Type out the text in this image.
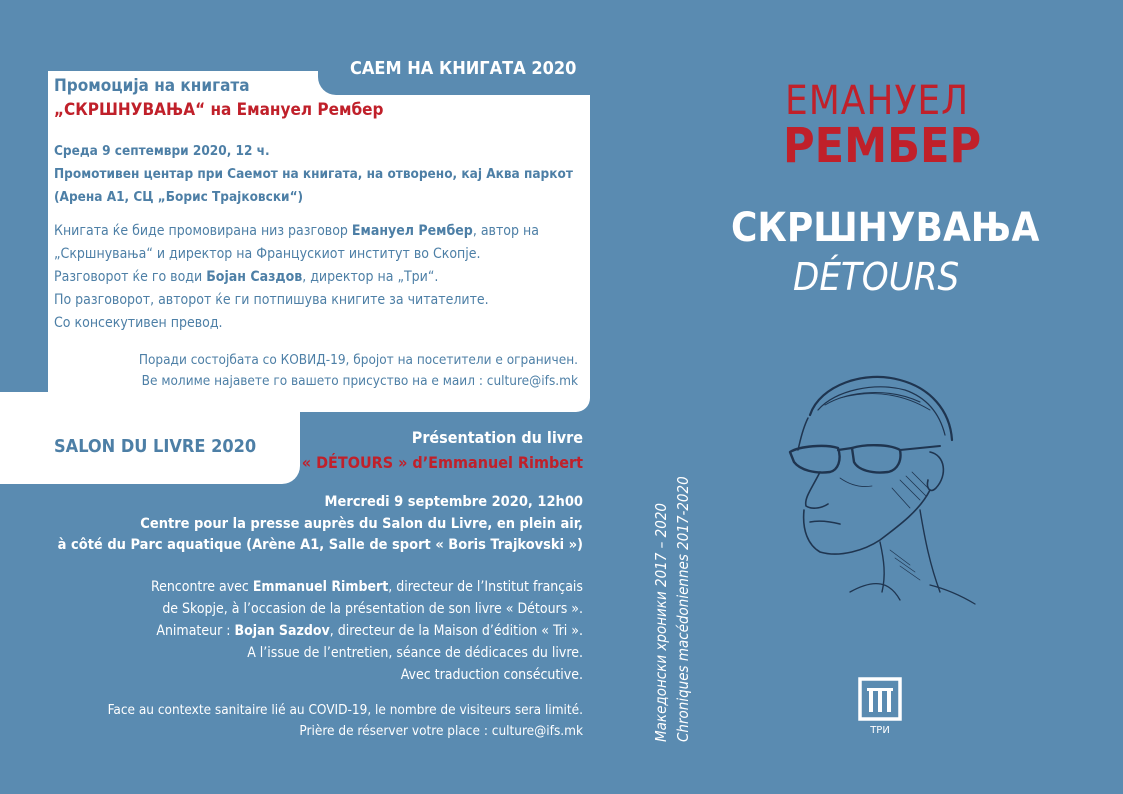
САЕМ НА КНИГАТА 2020
Промоција на книгата
„СКРШНУВАЊА“ на Емануел Рембер
Среда 9 септември 2020, 12 ч.
Промотивен центар при Саемот на книгата, на отворено, кај Аква паркот
(Арена А1, СЦ „Борис Трајковски“)
Книгата ќе биде промовирана низ разговор Емануел Рембер, автор на
„Скршнувања“ и директор на Францускиот институт во Скопје.
Разговорот ќе го води Бојан Саздов, директор на „Три“.
По разговорот, авторот ќе ги потпишува книгите за читателите.
Со консекутивен превод.
Поради состојбата со КОВИД-19, бројот на посетители е ограничен.
Ве молиме најавете го вашето присуство на е маил : culture@ifs.mk
SALON DU LIVRE 2020	Présentation du livre
« DÉTOURS » d’Emmanuel Rimbert
Mercredi 9 septembre 2020, 12h00
Centre pour la presse auprès du Salon du Livre, en plein air,
à côté du Parc aquatique (Arène A1, Salle de sport « Boris Trajkovski »)
Rencontre avec Emmanuel Rimbert, directeur de l’Institut français
de Skopje, à l’occasion de la présentation de son livre « Détours ».
Animateur : Bojan Sazdov, directeur de la Maison d’édition « Tri ».
A l’issue de l’entretien, séance de dédicaces du livre.
Avec traduction consécutive.
Face au contexte sanitaire lié au COVID-19, le nombre de visiteurs sera limité.
Prière de réserver votre place : culture@ifs.mk	Македонски хроники 2017 – 2020 Chroniques macédoniennes 2017-2020
ЕМАНУЕЛ
РЕМБЕР
СКРШНУВАЊА
DÉTOURS
ТРИ
